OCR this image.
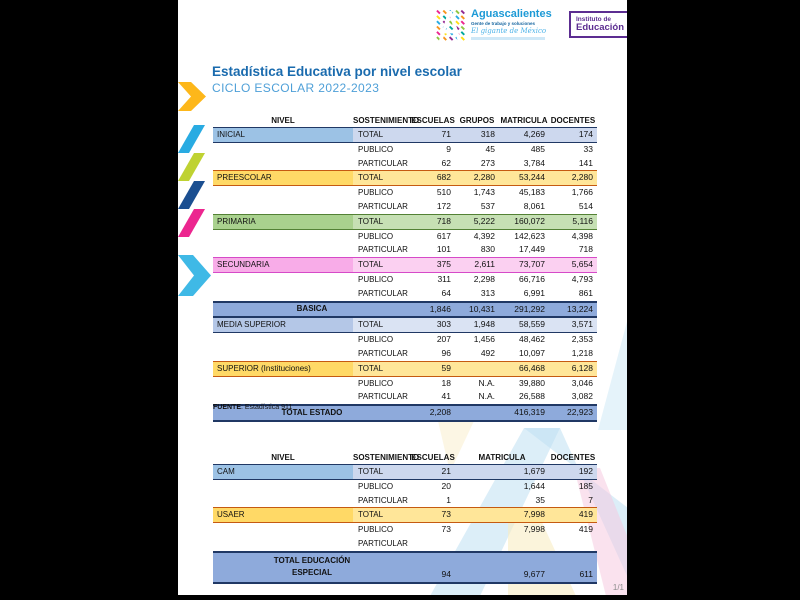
Aguascalientes
Gente de trabajo y soluciones
El gigante de México
Instituto de
Educación
Estadística Educativa por nivel escolar
CICLO ESCOLAR 2022-2023
NIVEL	SOSTENIMIENTO	ESCUELAS	GRUPOS	MATRICULA	DOCENTES
INICIAL	TOTAL	71	318	4,269	174
	PUBLICO	9	45	485	33
	PARTICULAR	62	273	3,784	141
PREESCOLAR	TOTAL	682	2,280	53,244	2,280
	PUBLICO	510	1,743	45,183	1,766
	PARTICULAR	172	537	8,061	514
PRIMARIA	TOTAL	718	5,222	160,072	5,116
	PUBLICO	617	4,392	142,623	4,398
	PARTICULAR	101	830	17,449	718
SECUNDARIA	TOTAL	375	2,611	73,707	5,654
	PUBLICO	311	2,298	66,716	4,793
	PARTICULAR	64	313	6,991	861
BASICA		1,846	10,431	291,292	13,224
MEDIA SUPERIOR	TOTAL	303	1,948	58,559	3,571
	PUBLICO	207	1,456	48,462	2,353
	PARTICULAR	96	492	10,097	1,218
SUPERIOR (Instituciones)	TOTAL	59		66,468	6,128
	PUBLICO	18	N.A.	39,880	3,046
	PARTICULAR	41	N.A.	26,588	3,082
TOTAL ESTADO		2,208		416,319	22,923
FUENTE: Estadística 911
NIVEL	SOSTENIMIENTO	ESCUELAS	MATRICULA	DOCENTES
CAM	TOTAL	21	1,679	192
	PUBLICO	20	1,644	185
	PARTICULAR	1	35	7
USAER	TOTAL	73	7,998	419
	PUBLICO	73	7,998	419
	PARTICULAR			
TOTAL EDUCACIÓN
ESPECIAL		94	9,677	611
1/1
